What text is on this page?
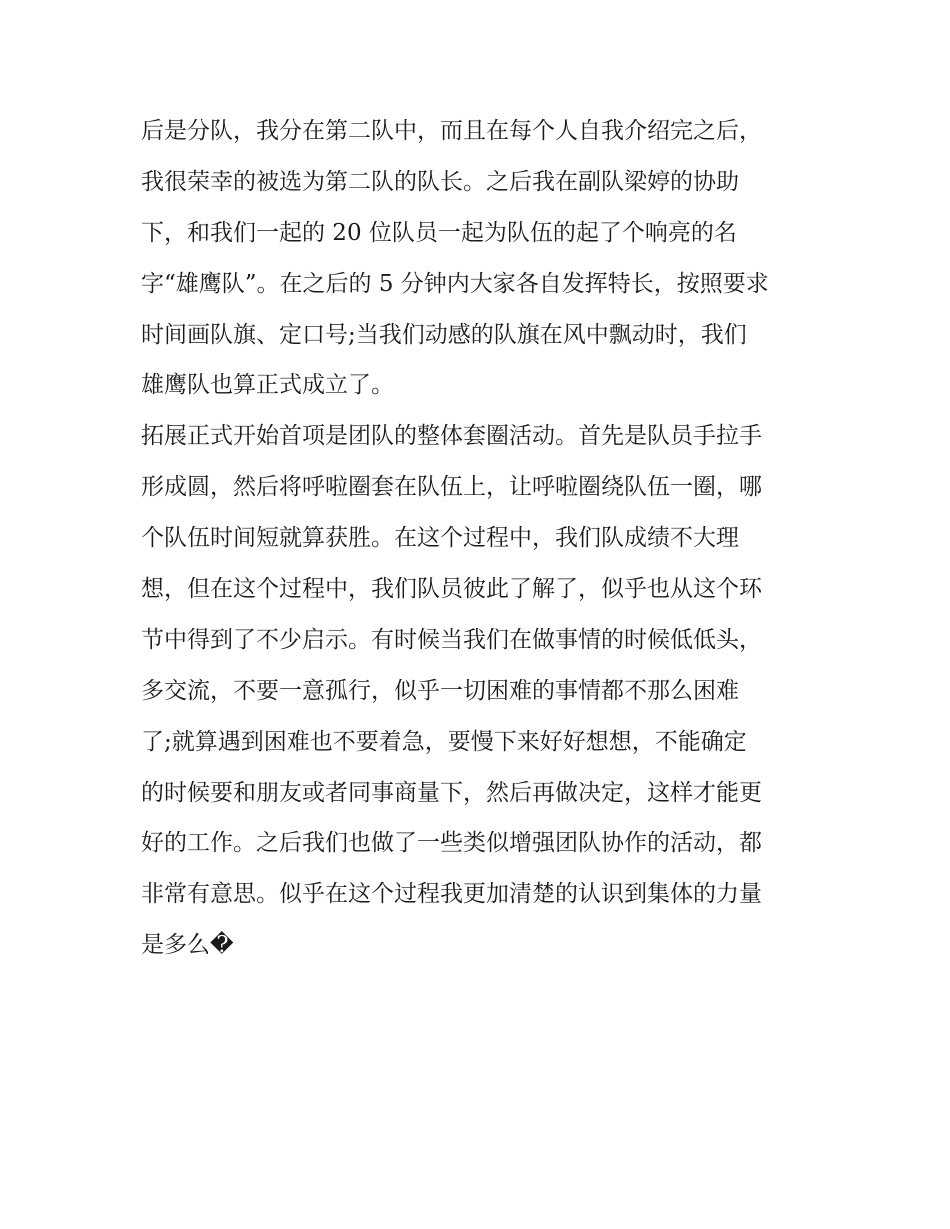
后是分队，我分在第二队中，而且在每个人自我介绍完之后，
我很荣幸的被选为第二队的队长。之后我在副队梁婷的协助
下，和我们一起的 20 位队员一起为队伍的起了个响亮的名
字“雄鹰队”。在之后的 5 分钟内大家各自发挥特长，按照要求
时间画队旗、定口号;当我们动感的队旗在风中飘动时，我们
雄鹰队也算正式成立了。
拓展正式开始首项是团队的整体套圈活动。首先是队员手拉手
形成圆，然后将呼啦圈套在队伍上，让呼啦圈绕队伍一圈，哪
个队伍时间短就算获胜。在这个过程中，我们队成绩不大理
想，但在这个过程中，我们队员彼此了解了，似乎也从这个环
节中得到了不少启示。有时候当我们在做事情的时候低低头，
多交流，不要一意孤行，似乎一切困难的事情都不那么困难
了;就算遇到困难也不要着急，要慢下来好好想想，不能确定
的时候要和朋友或者同事商量下，然后再做决定，这样才能更
好的工作。之后我们也做了一些类似增强团队协作的活动，都
非常有意思。似乎在这个过程我更加清楚的认识到集体的力量
是多么�
